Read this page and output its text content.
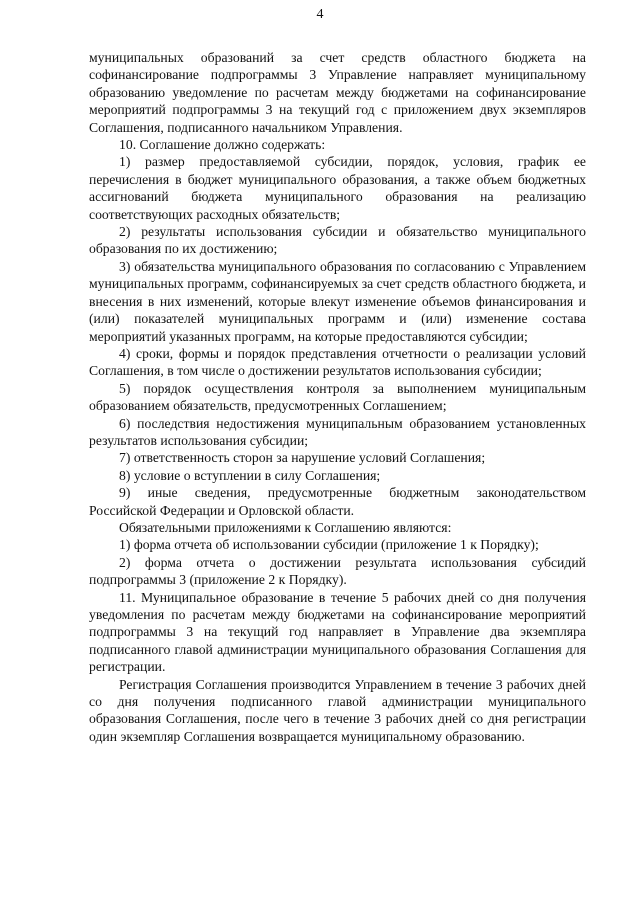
4

муниципальных образований за счет средств областного бюджета на софинансирование подпрограммы 3 Управление направляет муниципальному образованию уведомление по расчетам между бюджетами на софинансирование мероприятий подпрограммы 3 на текущий год с приложением двух экземпляров Соглашения, подписанного начальником Управления.

10. Соглашение должно содержать:

1) размер предоставляемой субсидии, порядок, условия, график ее перечисления в бюджет муниципального образования, а также объем бюджетных ассигнований бюджета муниципального образования на реализацию соответствующих расходных обязательств;

2) результаты использования субсидии и обязательство муниципального образования по их достижению;

3) обязательства муниципального образования по согласованию с Управлением муниципальных программ, софинансируемых за счет средств областного бюджета, и внесения в них изменений, которые влекут изменение объемов финансирования и (или) показателей муниципальных программ и (или) изменение состава мероприятий указанных программ, на которые предоставляются субсидии;

4) сроки, формы и порядок представления отчетности о реализации условий Соглашения, в том числе о достижении результатов использования субсидии;

5) порядок осуществления контроля за выполнением муниципальным образованием обязательств, предусмотренных Соглашением;

6) последствия недостижения муниципальным образованием установленных результатов использования субсидии;

7) ответственность сторон за нарушение условий Соглашения;

8) условие о вступлении в силу Соглашения;

9) иные сведения, предусмотренные бюджетным законодательством Российской Федерации и Орловской области.

Обязательными приложениями к Соглашению являются:

1) форма отчета об использовании субсидии (приложение 1 к Порядку);

2) форма отчета о достижении результата использования субсидий подпрограммы 3 (приложение 2 к Порядку).

11. Муниципальное образование в течение 5 рабочих дней со дня получения уведомления по расчетам между бюджетами на софинансирование мероприятий подпрограммы 3 на текущий год направляет в Управление два экземпляра подписанного главой администрации муниципального образования Соглашения для регистрации.

Регистрация Соглашения производится Управлением в течение 3 рабочих дней со дня получения подписанного главой администрации муниципального образования Соглашения, после чего в течение 3 рабочих дней со дня регистрации один экземпляр Соглашения возвращается муниципальному образованию.
